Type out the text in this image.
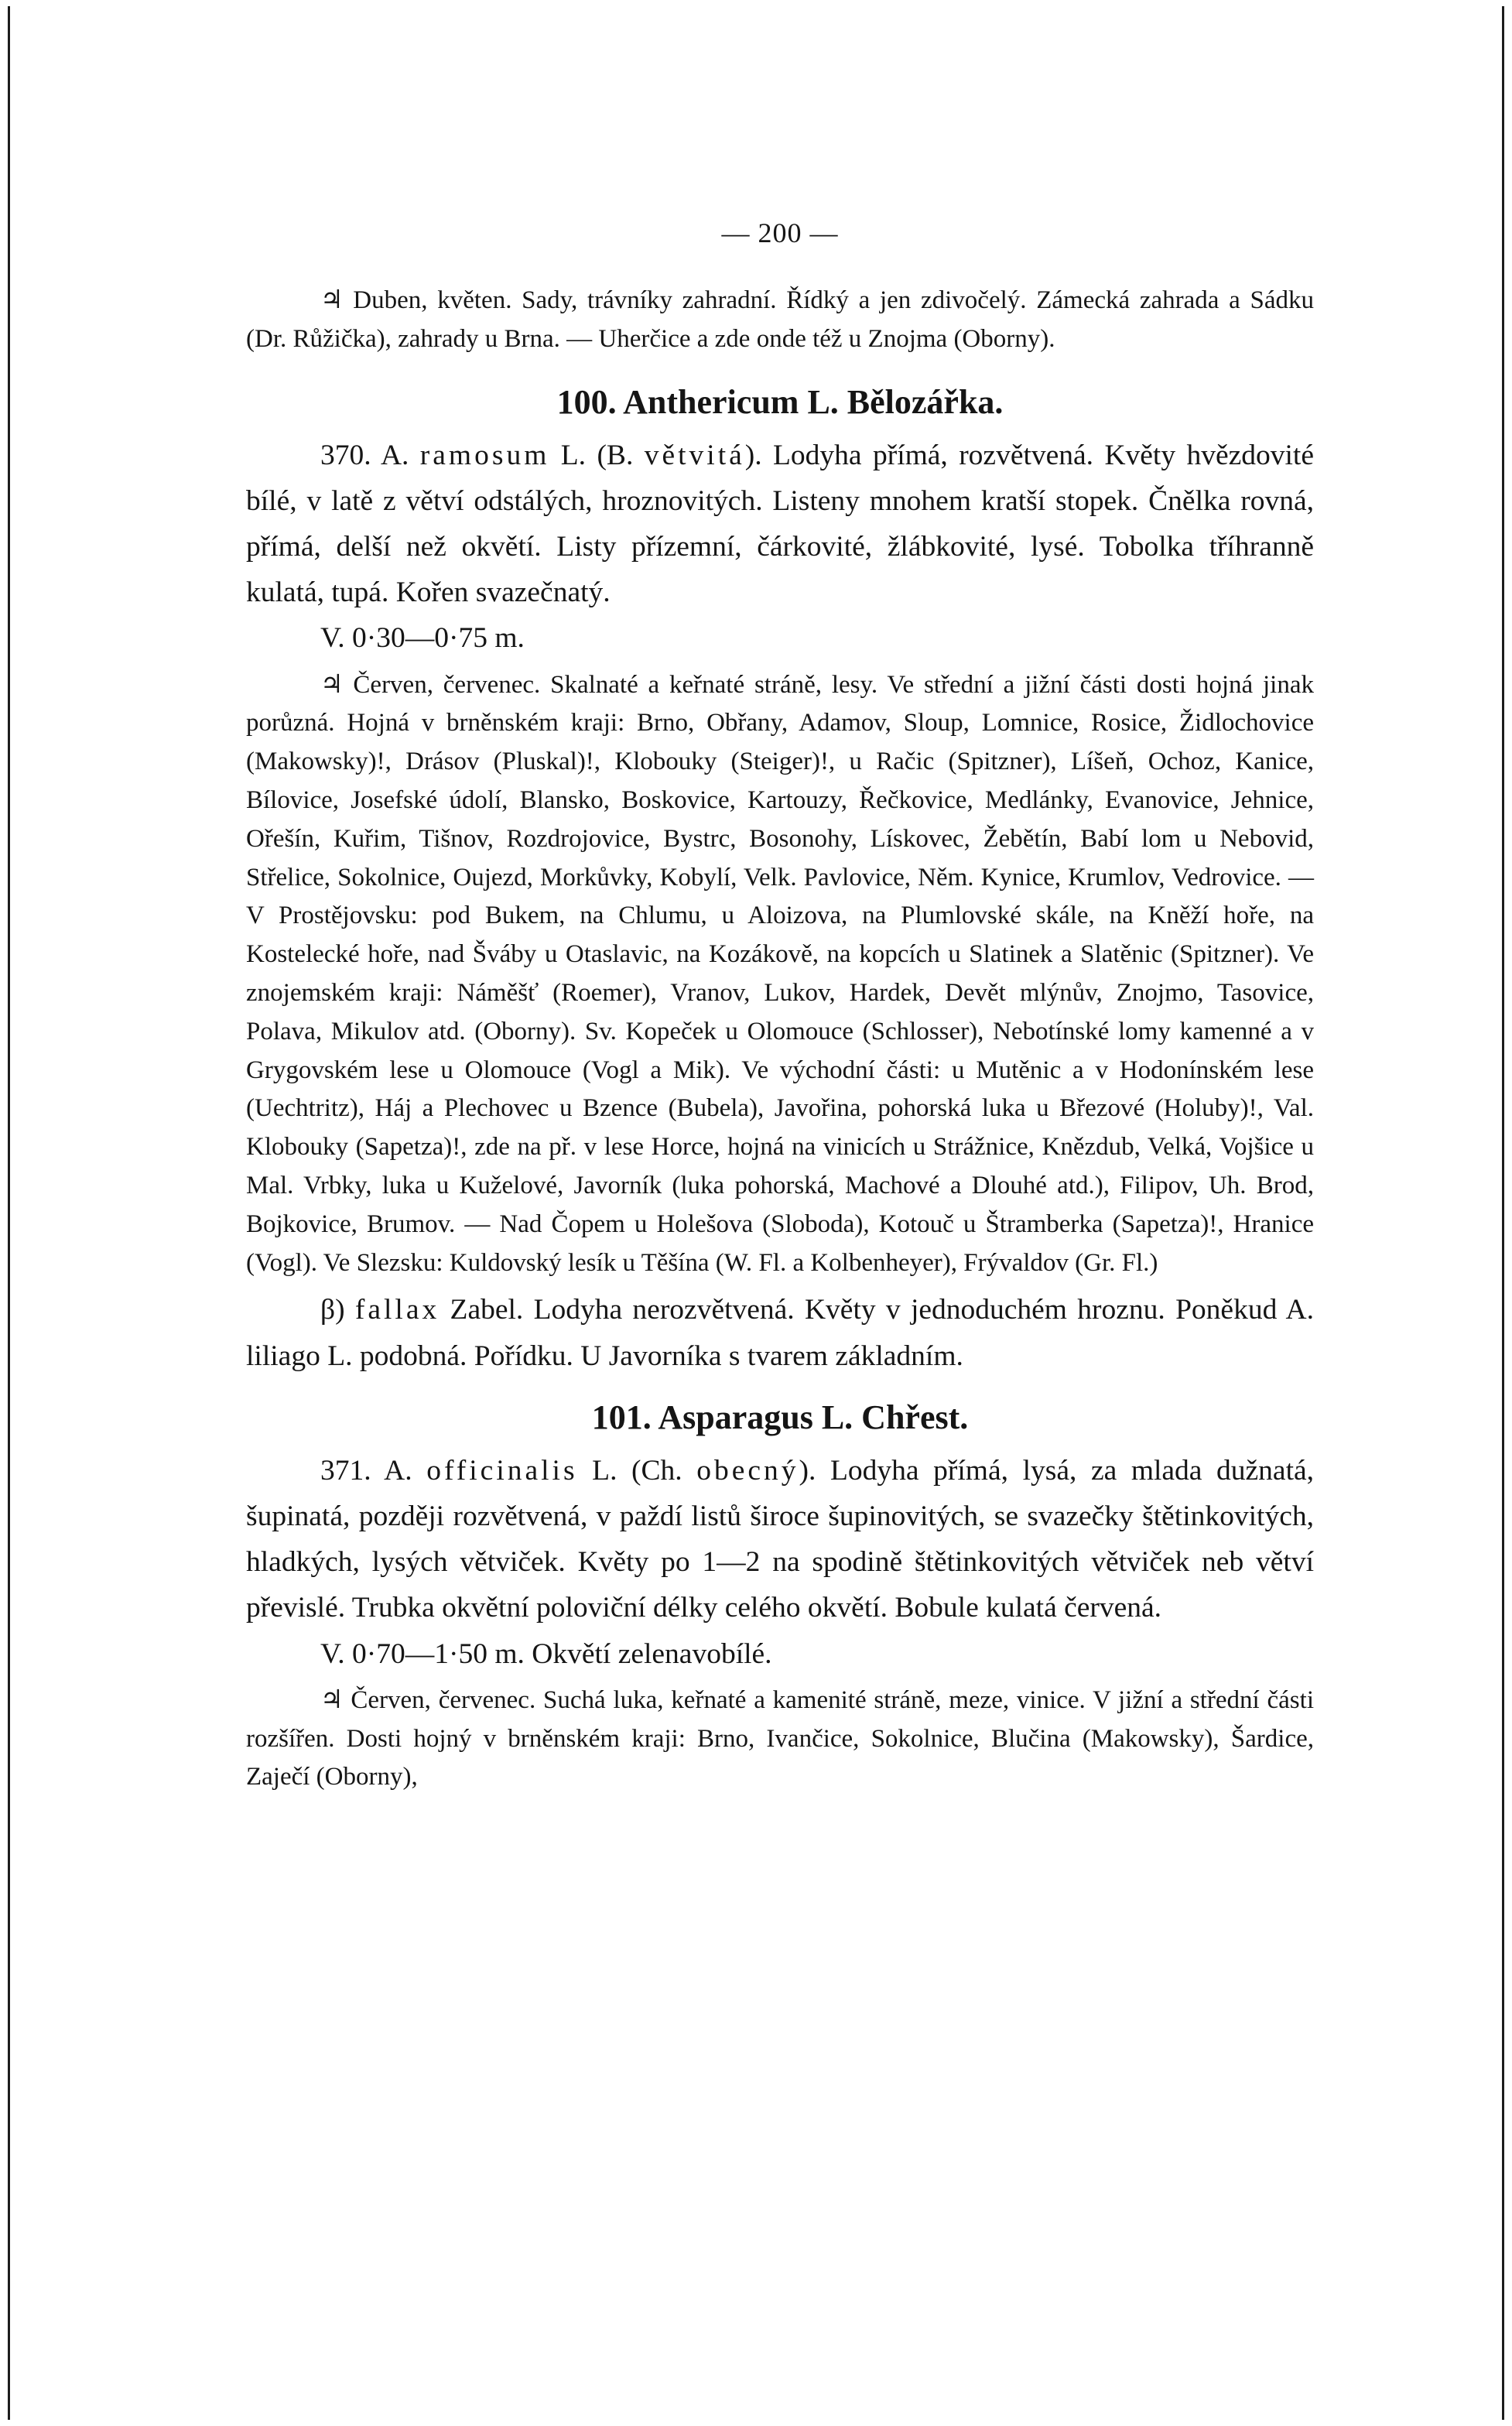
— 200 —

♃ Duben, květen. Sady, trávníky zahradní. Řídký a jen zdivočelý. Zámecká zahrada a Sádku (Dr. Růžička), zahrady u Brna. — Uherčice a zde onde též u Znojma (Oborny).

100. Anthericum L. Bělozářka.

370. A. ramosum L. (B. větvitá). Lodyha přímá, rozvětvená. Květy hvězdovité bílé, v latě z větví odstálých, hroznovitých. Listeny mnohem kratší stopek. Čnělka rovná, přímá, delší než okvětí. Listy přízemní, čárkovité, žlábkovité, lysé. Tobolka tříhranně kulatá, tupá. Kořen svazečnatý.

V. 0·30—0·75 m.

♃ Červen, červenec. Skalnaté a keřnaté stráně, lesy. Ve střední a jižní části dosti hojná jinak porůzná. Hojná v brněnském kraji: Brno, Obřany, Adamov, Sloup, Lomnice, Rosice, Židlochovice (Makowsky)!, Drásov (Pluskal)!, Klobouky (Steiger)!, u Račic (Spitzner), Líšeň, Ochoz, Kanice, Bílovice, Josefské údolí, Blansko, Boskovice, Kartouzy, Řečkovice, Medlánky, Evanovice, Jehnice, Ořešín, Kuřim, Tišnov, Rozdrojovice, Bystrc, Bosonohy, Lískovec, Žebětín, Babí lom u Nebovid, Střelice, Sokolnice, Oujezd, Morkůvky, Kobylí, Velk. Pavlovice, Něm. Kynice, Krumlov, Vedrovice. — V Prostějovsku: pod Bukem, na Chlumu, u Aloizova, na Plumlovské skále, na Kněží hoře, na Kostelecké hoře, nad Šváby u Otaslavic, na Kozákově, na kopcích u Slatinek a Slatěnic (Spitzner). Ve znojemském kraji: Náměšť (Roemer), Vranov, Lukov, Hardek, Devět mlýnův, Znojmo, Tasovice, Polava, Mikulov atd. (Oborny). Sv. Kopeček u Olomouce (Schlosser), Nebotínské lomy kamenné a v Grygovském lese u Olomouce (Vogl a Mik). Ve východní části: u Mutěnic a v Hodonínském lese (Uechtritz), Háj a Plechovec u Bzence (Bubela), Javořina, pohorská luka u Březové (Holuby)!, Val. Klobouky (Sapetza)!, zde na př. v lese Horce, hojná na vinicích u Strážnice, Knězdub, Velká, Vojšice u Mal. Vrbky, luka u Kuželové, Javorník (luka pohorská, Machové a Dlouhé atd.), Filipov, Uh. Brod, Bojkovice, Brumov. — Nad Čopem u Holešova (Sloboda), Kotouč u Štramberka (Sapetza)!, Hranice (Vogl). Ve Slezsku: Kuldovský lesík u Těšína (W. Fl. a Kolbenheyer), Frývaldov (Gr. Fl.)

β) fallax Zabel. Lodyha nerozvětvená. Květy v jednoduchém hroznu. Poněkud A. liliago L. podobná. Pořídku. U Javorníka s tvarem základním.

101. Asparagus L. Chřest.

371. A. officinalis L. (Ch. obecný). Lodyha přímá, lysá, za mlada dužnatá, šupinatá, později rozvětvená, v paždí listů široce šupinovitých, se svazečky štětinkovitých, hladkých, lysých větviček. Květy po 1—2 na spodině štětinkovitých větviček neb větví převislé. Trubka okvětní poloviční délky celého okvětí. Bobule kulatá červená.

V. 0·70—1·50 m. Okvětí zelenavobílé.

♃ Červen, červenec. Suchá luka, keřnaté a kamenité stráně, meze, vinice. V jižní a střední části rozšířen. Dosti hojný v brněnském kraji: Brno, Ivančice, Sokolnice, Blučina (Makowsky), Šardice, Zaječí (Oborny),
